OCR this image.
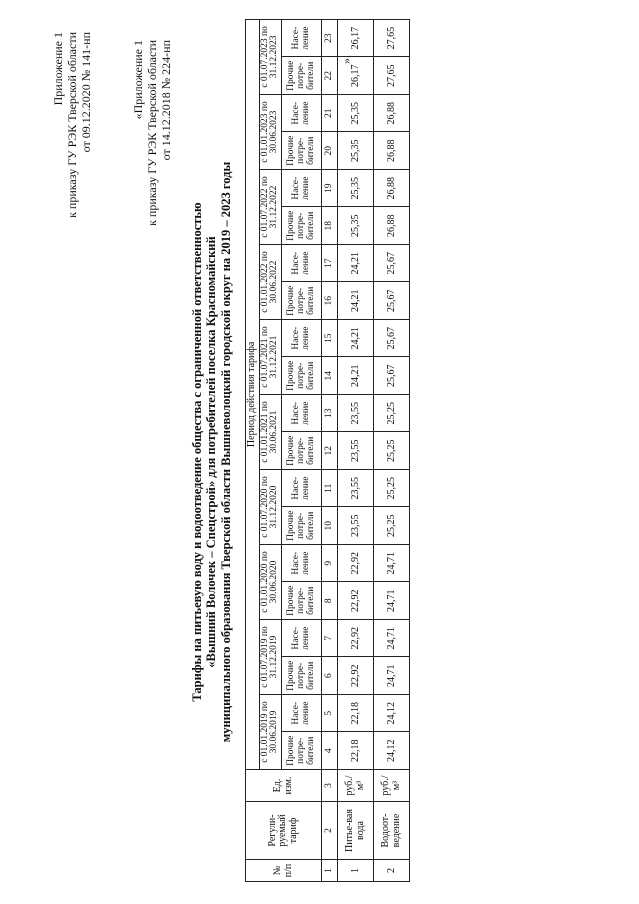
Приложение 1 к приказу ГУ РЭК Тверской области от 09.12.2020 № 141-нп	«Приложение 1 к приказу ГУ РЭК Тверской области от 14.12.2018 № 224-нп
Тарифы на питьевую воду и водоотведение общества с ограниченной ответственностью «Вышний Волочек – Спецстрой» для потребителей поселка Красномайский муниципального образования Тверской области Вышневолоцкий городской округ на 2019 – 2023 годы
№ п/п	Регули-руемый тариф	Ед. изм.	Период действия тарифа																			
			с 01.01.2019 по 30.06.2019		с 01.07.2019 по 31.12.2019		с 01.01.2020 по 30.06.2020		с 01.07.2020 по 31.12.2020		с 01.01.2021 по 30.06.2021		с 01.07.2021 по 31.12.2021		с 01.01.2022 по 30.06.2022		с 01.07.2022 по 31.12.2022		с 01.01.2023 по 30.06.2023		с 01.07.2023 по 31.12.2023	
			Прочие потре-бители	Насе-ление	Прочие потре-бители	Насе-ление	Прочие потре-бители	Насе-ление	Прочие потре-бители	Насе-ление	Прочие потре-бители	Насе-ление	Прочие потре-бители	Насе-ление	Прочие потре-бители	Насе-ление	Прочие потре-бители	Насе-ление	Прочие потре-бители	Насе-ление	Прочие потре-бители	Насе-ление
1	2	3	4	5	6	7	8	9	10	11	12	13	14	15	16	17	18	19	20	21	22	23
1	Питье-вая вода	руб./м³	22,18	22,18	22,92	22,92	22,92	22,92	23,55	23,55	23,55	23,55	24,21	24,21	24,21	24,21	25,35	25,35	25,35	25,35	26,17	26,17
2	Водоот-ведение	руб./м³	24,12	24,12	24,71	24,71	24,71	24,71	25,25	25,25	25,25	25,25	25,67	25,67	25,67	25,67	26,88	26,88	26,88	26,88	27,65	27,65
».
